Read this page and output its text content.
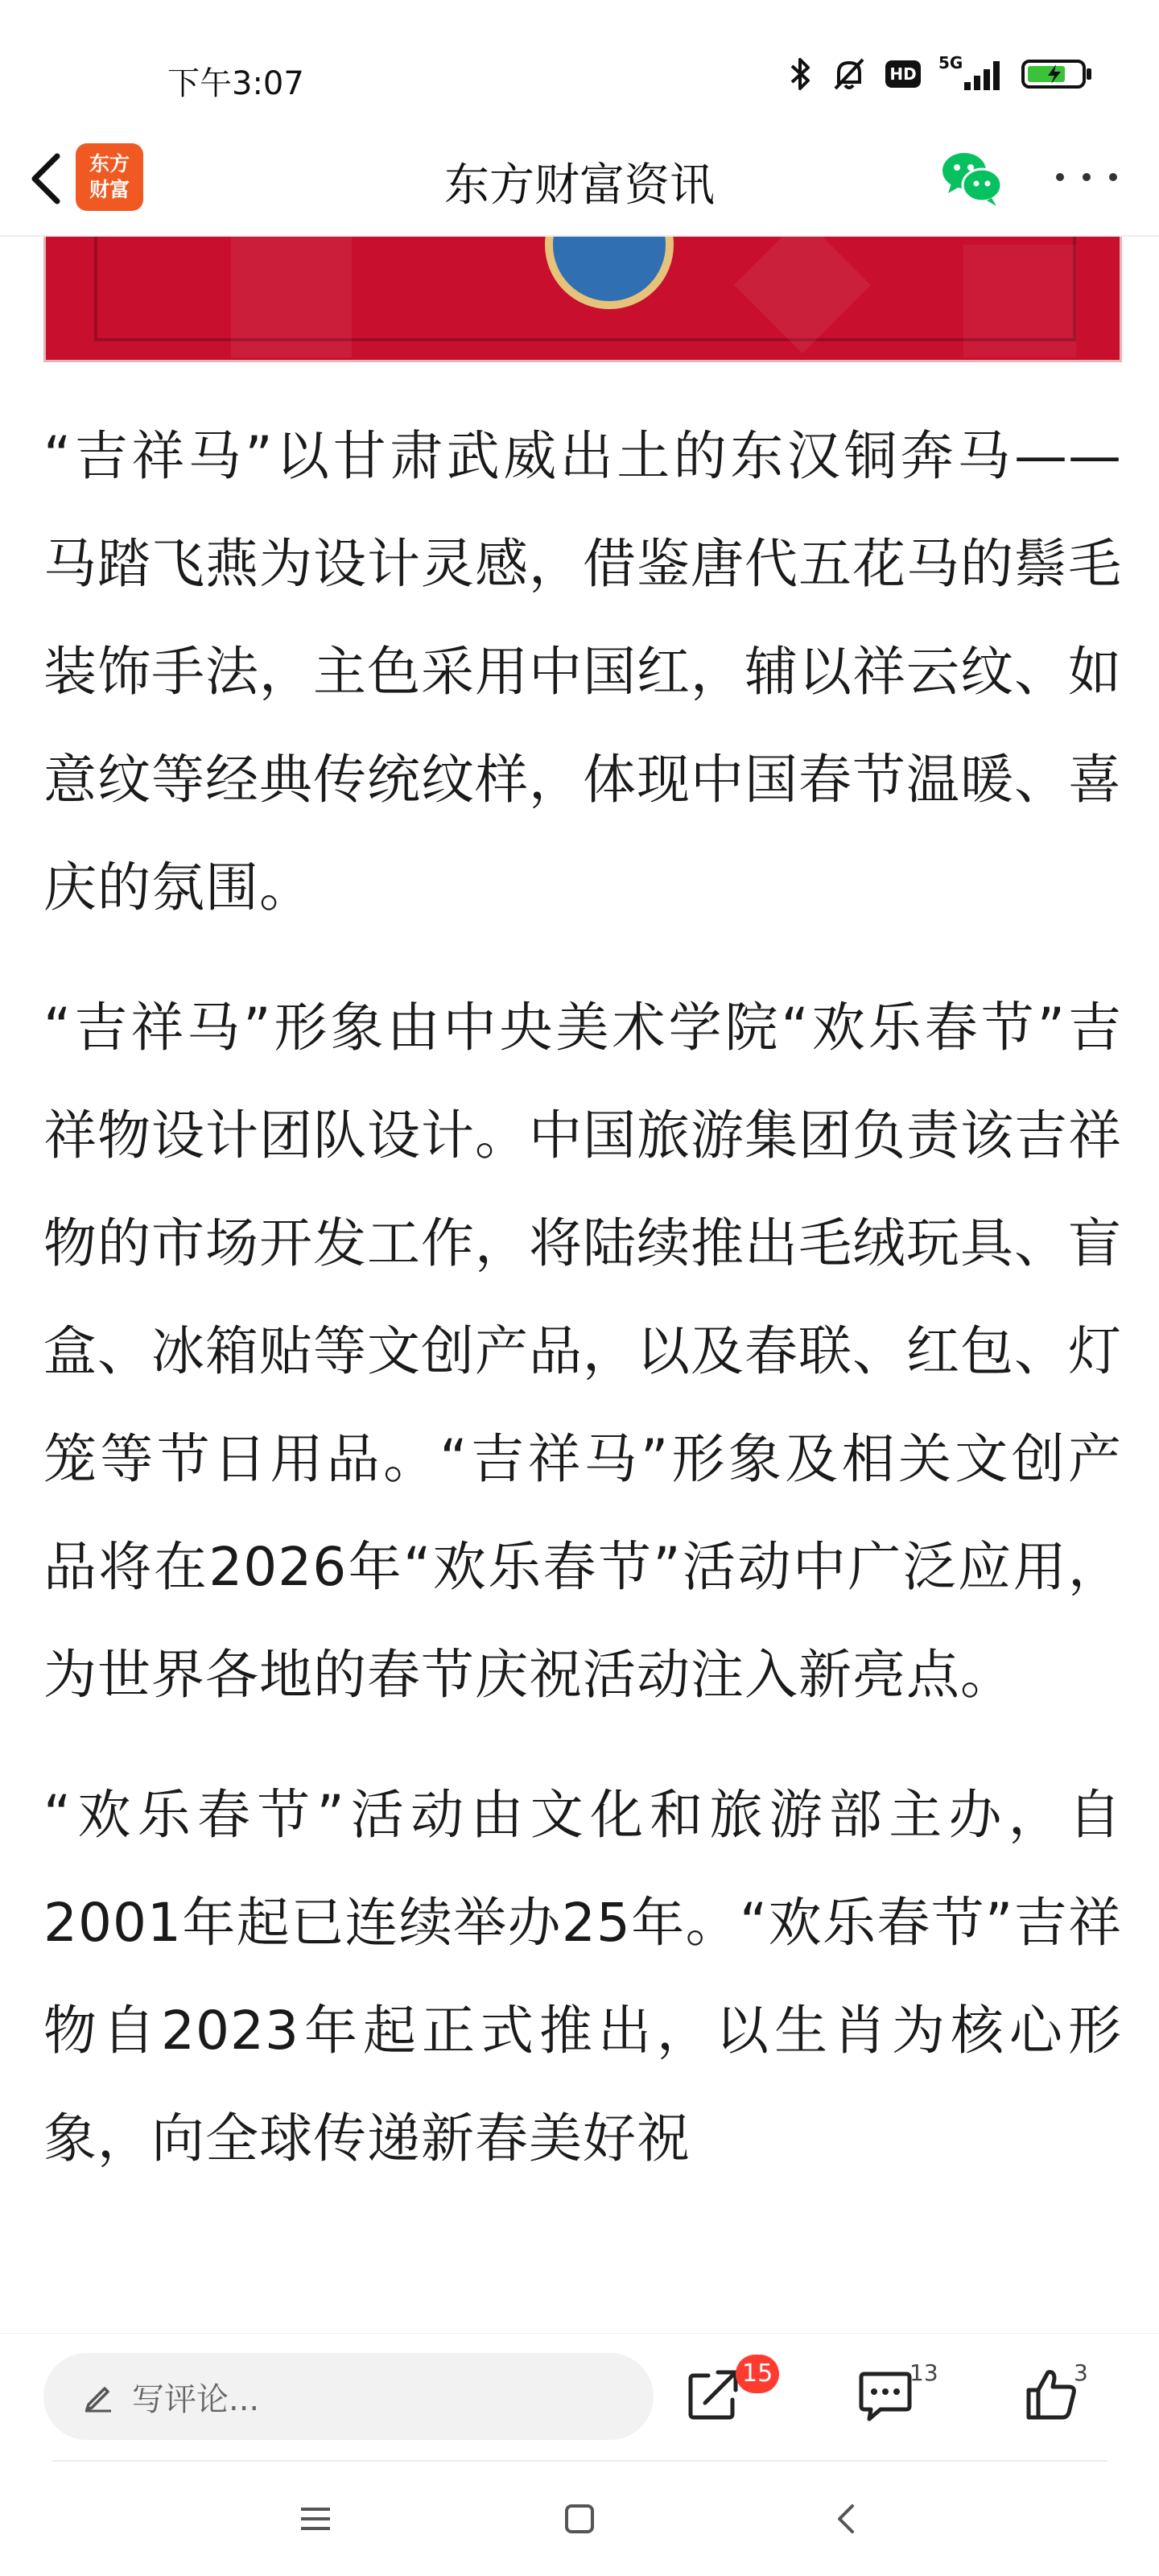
下午3:07	HD
5G
东方
财富	东方财富资讯

“吉祥马”以甘肃武威出土的东汉铜奔马——马踏飞燕为设计灵感，借鉴唐代五花马的鬃毛装饰手法，主色采用中国红，辅以祥云纹、如意纹等经典传统纹样，体现中国春节温暖、喜庆的氛围。

“吉祥马”形象由中央美术学院“欢乐春节”吉祥物设计团队设计。中国旅游集团负责该吉祥物的市场开发工作，将陆续推出毛绒玩具、盲盒、冰箱贴等文创产品，以及春联、红包、灯笼等节日用品。“吉祥马”形象及相关文创产品将在2026年“欢乐春节”活动中广泛应用，为世界各地的春节庆祝活动注入新亮点。

“欢乐春节”活动由文化和旅游部主办，自2001年起已连续举办25年。“欢乐春节”吉祥物自2023年起正式推出，以生肖为核心形象，向全球传递新春美好祝

写评论...
15	13	3
